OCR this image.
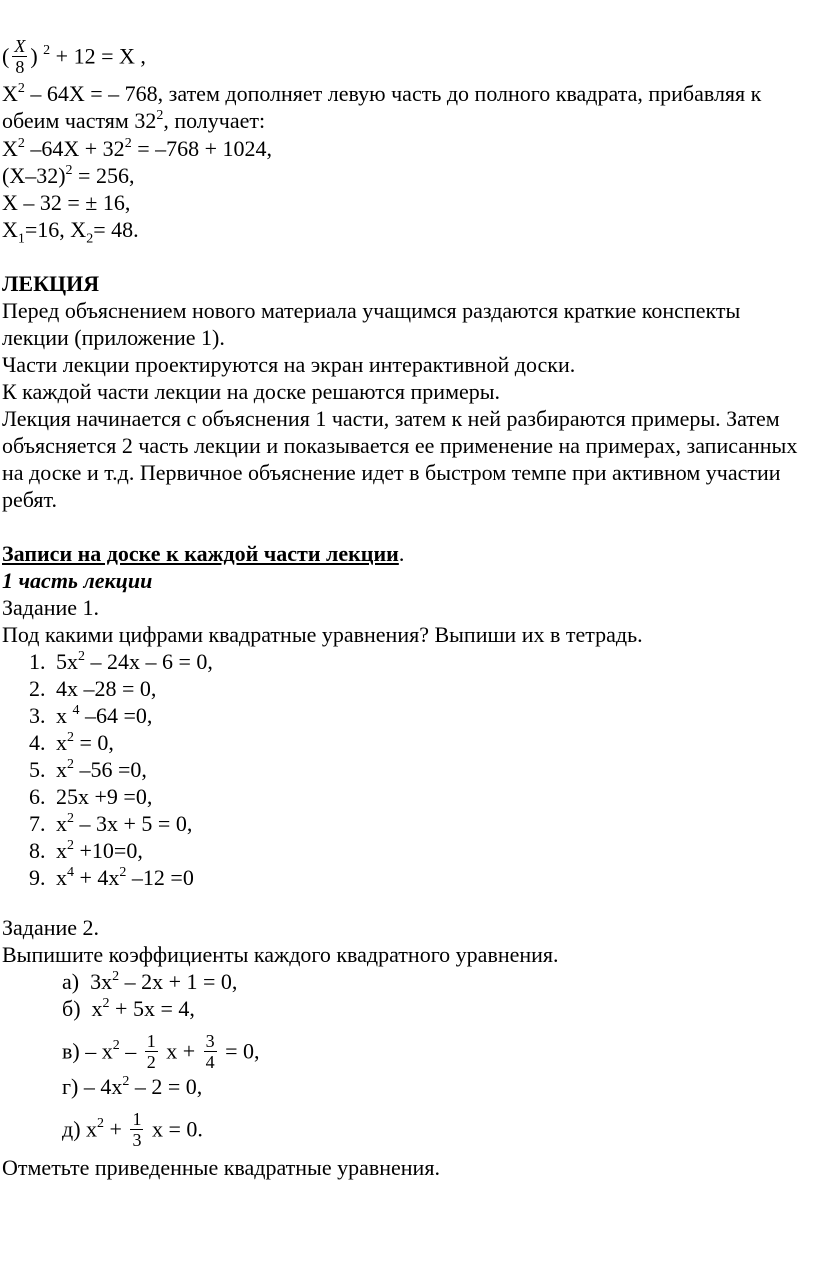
( $\frac{X}{8}$ ) $^2$ + 12 = X ,
$X^2 - 64X$ = – 768, затем дополняет левую часть до полного квадрата, прибавляя к обеим частям $32^2$, получает:
$X^2$ $-64X + 32^2 = -768 + 1024$,
$(X-32)^2 = 256$,
X – 32 = ± 16,
$X_1=16$, $X_2= 48$.
ЛЕКЦИЯ
Перед объяснением нового материала учащимся раздаются краткие конспекты лекции (приложение 1).
Части лекции проектируются на экран интерактивной доски.
К каждой части лекции на доске решаются примеры.
Лекция начинается с объяснения 1 части, затем к ней разбираются примеры. Затем объясняется 2 часть лекции и показывается ее применение на примерах, записанных на доске и т.д. Первичное объяснение идет в быстром темпе при активном участии ребят.
Записи на доске к каждой части лекции.
1 часть лекции
Задание 1.
Под какими цифрами квадратные уравнения? Выпиши их в тетрадь.
1. $5x^2 - 24x - 6 = 0$,
2. 4x –28 = 0,
3. x $^4$ –64 =0,
4. $x^2 = 0$,
5. $x^2$ –56 =0,
6. 25x +9 =0,
7. $x^2 - 3x + 5 = 0$,
8. $x^2 +10=0$,
9. $x^4 + 4x^2$ –12 =0
Задание 2.
Выпишите коэффициенты каждого квадратного уравнения.
а) $3x^2 - 2x + 1 = 0$,
б) $x^2 + 5x = 4$,
$в) - x^2 - \frac{1}{2}$ $x + \frac{3}{4} = 0$,
$г) - 4x^2 - 2 = 0$,
д) $x^2 + \frac{1}{3}$ x = 0.
Отметьте приведенные квадратные уравнения.
